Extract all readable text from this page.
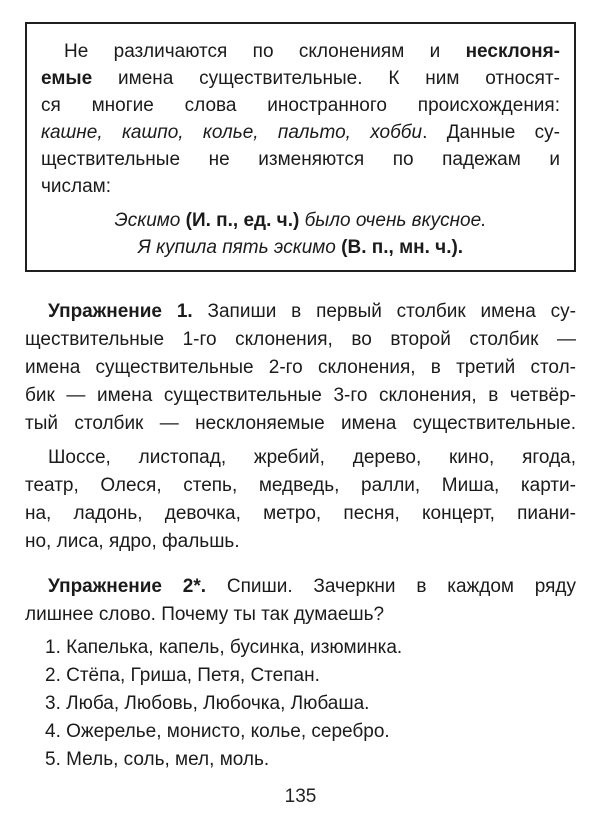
Не различаются по склонениям и несклоня-
емые имена существительные. К ним относят-
ся многие слова иностранного происхождения:
кашне, кашпо, колье, пальто, хобби. Данные су-
ществительные не изменяются по падежам и
числам:
Эскимо (И. п., ед. ч.) было очень вкусное.
Я купила пять эскимо (В. п., мн. ч.).
Упражнение 1. Запиши в первый столбик имена су-
ществительные 1-го склонения, во второй столбик —
имена существительные 2-го склонения, в третий стол-
бик — имена существительные 3-го склонения, в четвёр-
тый столбик — несклоняемые имена существительные.
Шоссе, листопад, жребий, дерево, кино, ягода,
театр, Олеся, степь, медведь, ралли, Миша, карти-
на, ладонь, девочка, метро, песня, концерт, пиани-
но, лиса, ядро, фальшь.
Упражнение 2*. Спиши. Зачеркни в каждом ряду
лишнее слово. Почему ты так думаешь?
1. Капелька, капель, бусинка, изюминка.
2. Стёпа, Гриша, Петя, Степан.
3. Люба, Любовь, Любочка, Любаша.
4. Ожерелье, монисто, колье, серебро.
5. Мель, соль, мел, моль.
135
